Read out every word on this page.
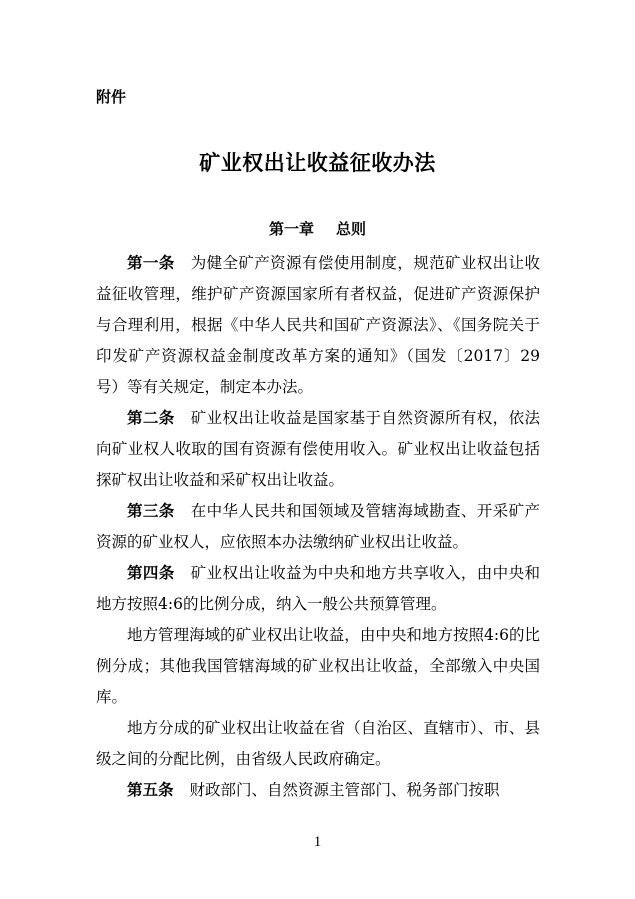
附件
矿业权出让收益征收办法
第一章 总则

第一条 为健全矿产资源有偿使用制度，规范矿业权出让收益征收管理，维护矿产资源国家所有者权益，促进矿产资源保护与合理利用，根据《中华人民共和国矿产资源法》、《国务院关于印发矿产资源权益金制度改革方案的通知》（国发〔2017〕29号）等有关规定，制定本办法。

第二条 矿业权出让收益是国家基于自然资源所有权，依法向矿业权人收取的国有资源有偿使用收入。矿业权出让收益包括探矿权出让收益和采矿权出让收益。

第三条 在中华人民共和国领域及管辖海域勘查、开采矿产资源的矿业权人，应依照本办法缴纳矿业权出让收益。

第四条 矿业权出让收益为中央和地方共享收入，由中央和地方按照4:6的比例分成，纳入一般公共预算管理。

地方管理海域的矿业权出让收益，由中央和地方按照4:6的比例分成；其他我国管辖海域的矿业权出让收益，全部缴入中央国库。

地方分成的矿业权出让收益在省（自治区、直辖市）、市、县级之间的分配比例，由省级人民政府确定。

第五条 财政部门、自然资源主管部门、税务部门按职

1
